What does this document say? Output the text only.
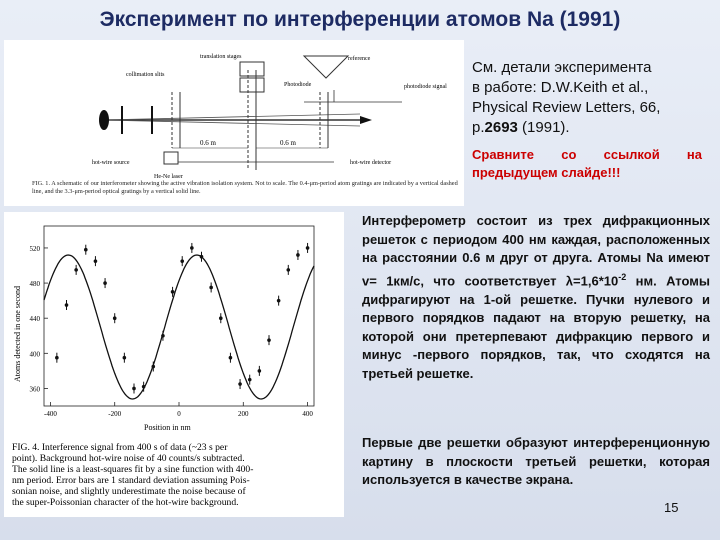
Эксперимент по интерференции атомов Na (1991)
0.6 m	0.6 m
collimation slits
translation stages	reference
photodiode signal
Photodiode
hot-wire source
He-Ne laser
hot-wire detector
FIG. 1. A schematic of our interferometer showing the active vibration isolation system. Not to scale. The 0.4-μm-period atom gratings are indicated by a vertical dashed line, and the 3.3-μm-period optical gratings by a vertical solid line.
520
480
440
400
360
-400	-200	0	200	400
Position in nm
Atoms detected in one second
FIG. 4. Interference signal from 400 s of data (~23 s per
point). Background hot-wire noise of 40 counts/s subtracted.
The solid line is a least-squares fit by a sine function with 400-
nm period. Error bars are 1 standard deviation assuming Pois-
sonian noise, and slightly underestimate the noise because of
the super-Poissonian character of the hot-wire background.
См. детали эксперимента
в работе: D.W.Keith et al.,
Physical Review Letters, 66,
p.2693 (1991).
Сравните со ссылкой на предыдущем слайде!!!
Интерферометр состоит из трех дифракционных решеток с периодом 400 нм каждая, расположенных на расстоянии 0.6 м друг от друга. Атомы Na имеют v= 1км/с, что соответствует $\lambda=1,6*10^{-2}$ нм. Атомы дифрагируют на 1-ой решетке. Пучки нулевого и первого порядков падают на вторую решетку, на которой они претерпевают дифракцию первого и минус -первого порядков, так, что сходятся на третьей решетке.
Первые две решетки образуют интерференционную картину в плоскости третьей решетки, которая используется в качестве экрана.
15
